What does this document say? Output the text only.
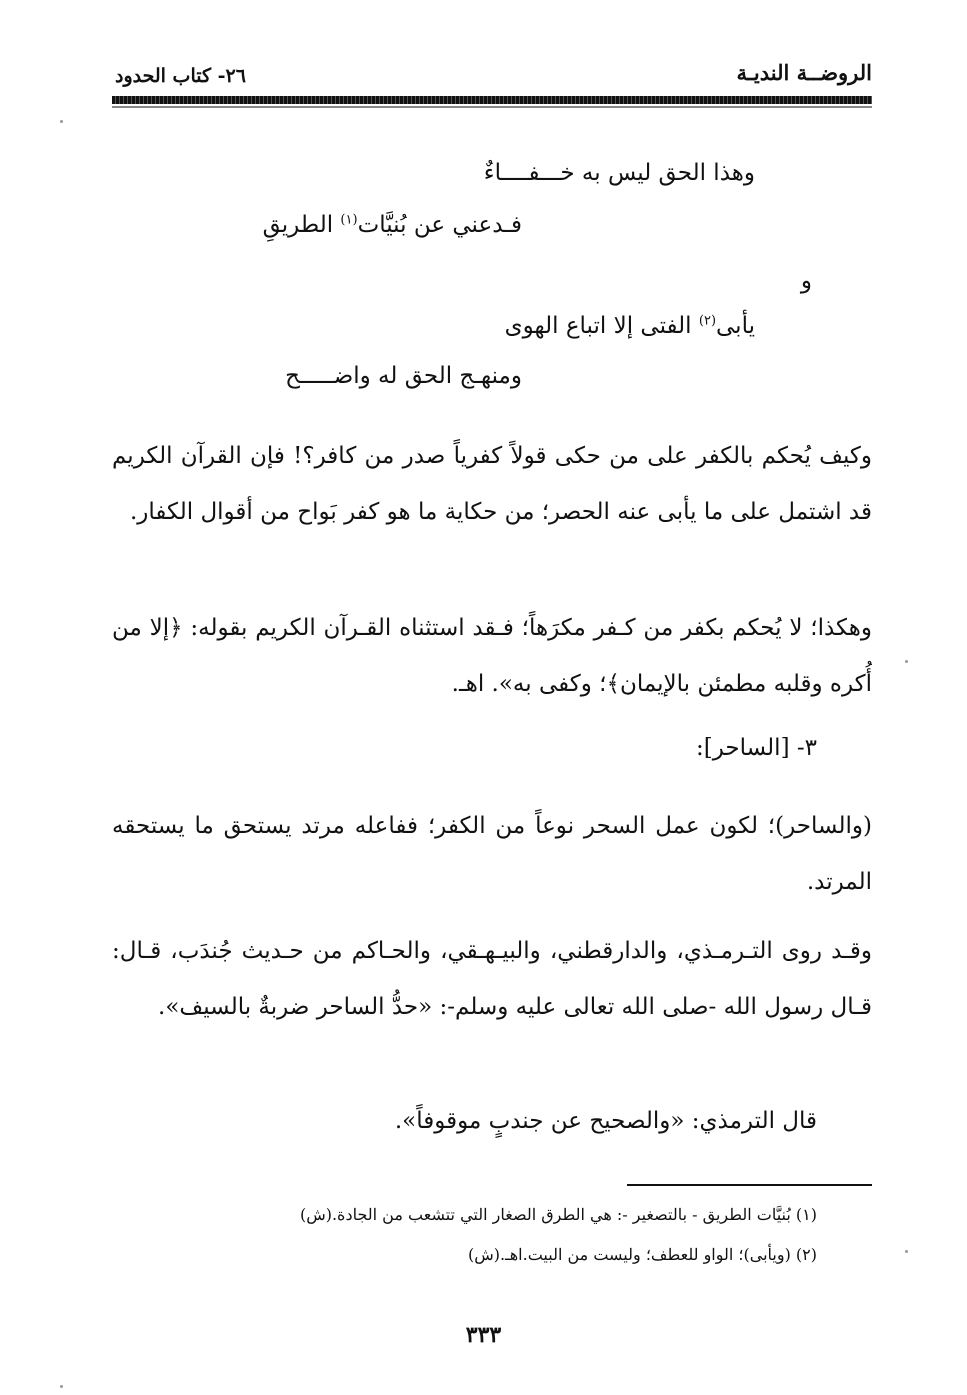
الروضــة النديـة
٢٦- كتاب الحدود
وهذا الحق ليس به خـــفــــاءٌ
فـدعني عن بُنيَّات$^{(١)}$ الطريقِ
و
يأبى$^{(٢)}$ الفتى إلا اتباع الهوى
ومنهـج الحق له واضـــــح
وكيف يُحكم بالكفر على من حكى قولاً كفرياً صدر من كافر؟! فإن القرآن الكريم قد اشتمل على ما يأبى عنه الحصر؛ من حكاية ما هو كفر بَواح من أقوال الكفار.
وهكذا؛ لا يُحكم بكفر من كـفر مكرَهاً؛ فـقد استثناه القـرآن الكريم بقوله: ﴿إلا من أُكره وقلبه مطمئن بالإيمان﴾؛ وكفى به». اهـ.
٣- [الساحر]:
(والساحر)؛ لكون عمل السحر نوعاً من الكفر؛ ففاعله مرتد يستحق ما يستحقه المرتد.
وقـد روى التـرمـذي، والدارقطني، والبيـهـقي، والحـاكم من حـديث جُندَب، قـال: قـال رسول الله -صلى الله تعالى عليه وسلم-: «حدُّ الساحر ضربةٌ بالسيف».
قال الترمذي: «والصحيح عن جندبٍ موقوفاً».
(١) بُنيَّات الطريق - بالتصغير -: هي الطرق الصغار التي تتشعب من الجادة.(ش)
(٢) (ويأبى)؛ الواو للعطف؛ وليست من البيت.اهـ.(ش)
٣٣٣
